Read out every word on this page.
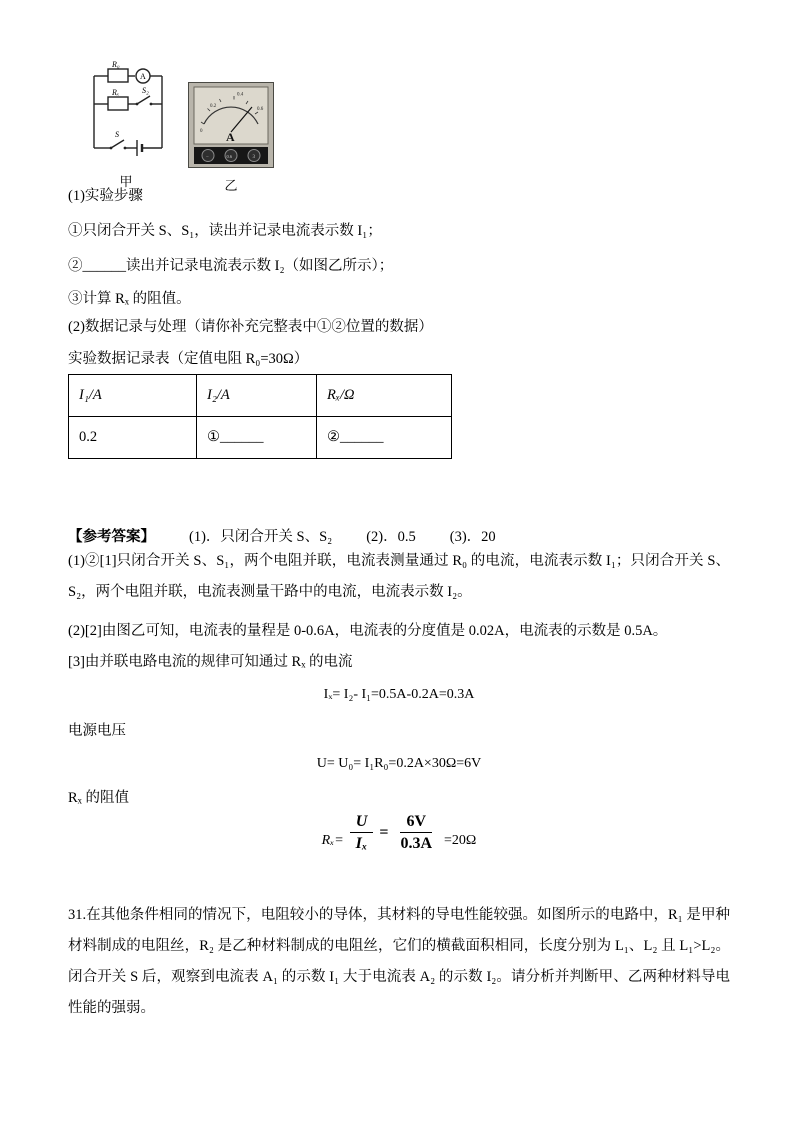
R₀
A
Rₓ	S₂
S
甲
0
0.2
0.4
0.6
A
−	0.6	3
乙
(1)实验步骤
①只闭合开关 S、S₁，读出并记录电流表示数 I₁；
②______读出并记录电流表示数 I₂（如图乙所示）；
③计算 Rₓ 的阻值。
(2)数据记录与处理（请你补充完整表中①②位置的数据）
实验数据记录表（定值电阻 R₀=30Ω）
I₁/A	I₂/A	Rₓ/Ω
0.2	①______	②______
【参考答案】 (1)．只闭合开关 S、S₂ (2)．0.5 (3)．20
(1)②[1]只闭合开关 S、S₁，两个电阻并联，电流表测量通过 R₀ 的电流，电流表示数 I₁；只闭合开关 S、S₂，两个电阻并联，电流表测量干路中的电流，电流表示数 I₂。
(2)[2]由图乙可知，电流表的量程是 0-0.6A，电流表的分度值是 0.02A，电流表的示数是 0.5A。
[3]由并联电路电流的规律可知通过 Rₓ 的电流
Iₓ= I₂- I₁=0.5A-0.2A=0.3A
电源电压
U= U₀= I₁R₀=0.2A×30Ω=6V
Rₓ 的阻值
$R_x= \frac{U}{\text{Iₓ}} = \frac{6V}{0.3A} =20\Omega$
31.在其他条件相同的情况下，电阻较小的导体，其材料的导电性能较强。如图所示的电路中，R₁ 是甲种材料制成的电阻丝，R₂ 是乙种材料制成的电阻丝，它们的横截面积相同，长度分别为 L₁、L₂ 且 L₁>L₂。闭合开关 S 后，观察到电流表 A₁ 的示数 I₁ 大于电流表 A₂ 的示数 I₂。请分析并判断甲、乙两种材料导电性能的强弱。
